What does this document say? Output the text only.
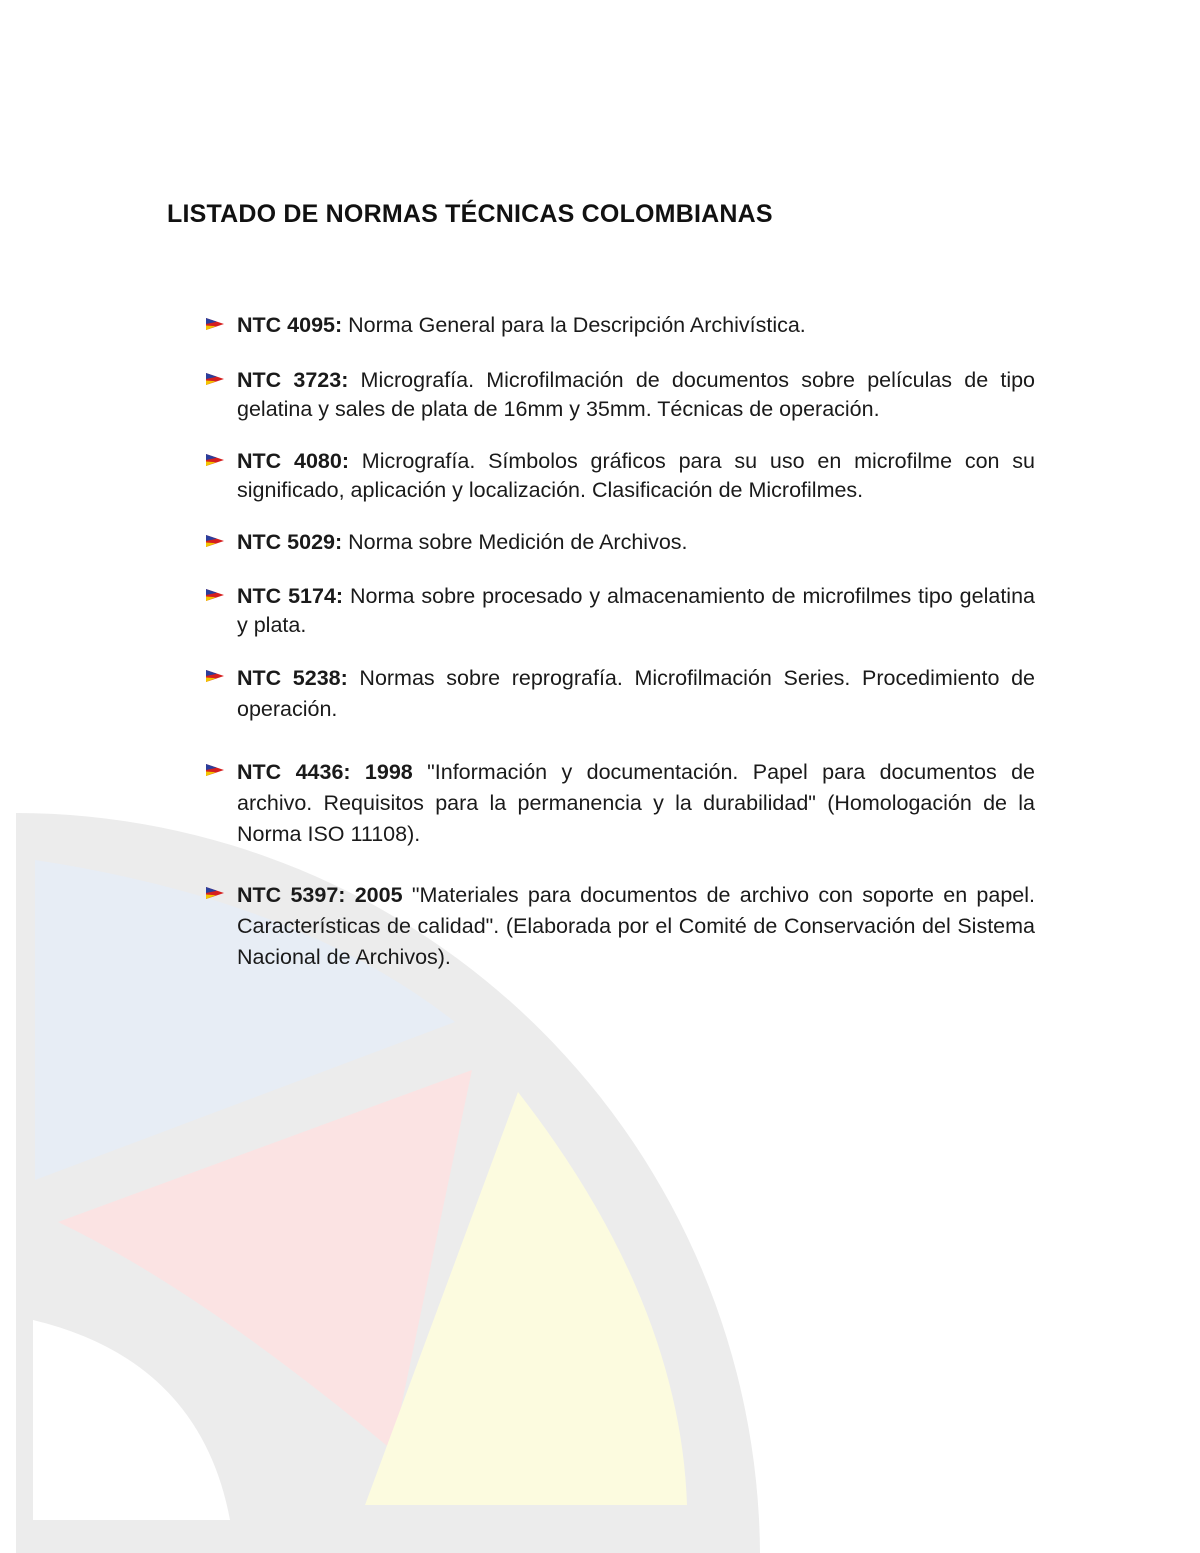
LISTADO DE NORMAS TÉCNICAS COLOMBIANAS

NTC 4095: Norma General para la Descripción Archivística.

NTC 3723: Micrografía. Microfilmación de documentos sobre películas de tipo gelatina y sales de plata de 16mm y 35mm. Técnicas de operación.

NTC 4080: Micrografía. Símbolos gráficos para su uso en microfilme con su significado, aplicación y localización. Clasificación de Microfilmes.

NTC 5029: Norma sobre Medición de Archivos.

NTC 5174: Norma sobre procesado y almacenamiento de microfilmes tipo gelatina y plata.

NTC 5238: Normas sobre reprografía. Microfilmación Series. Procedimiento de operación.

NTC 4436: 1998 "Información y documentación. Papel para documentos de archivo. Requisitos para la permanencia y la durabilidad" (Homologación de la Norma ISO 11108).

NTC 5397: 2005 "Materiales para documentos de archivo con soporte en papel. Características de calidad". (Elaborada por el Comité de Conservación del Sistema Nacional de Archivos).
